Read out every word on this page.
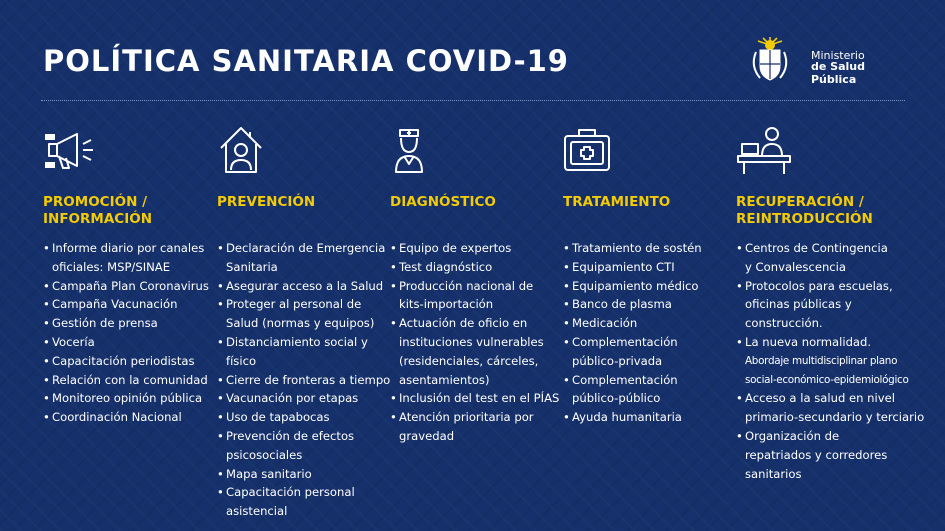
POLÍTICA SANITARIA COVID-19	Ministerio
de Salud Pública
PROMOCIÓN /
INFORMACIÓN
• Informe diario por canales
oficiales: MSP/SINAE
• Campaña Plan Coronavirus
• Campaña Vacunación
• Gestión de prensa
• Vocería
• Capacitación periodistas
• Relación con la comunidad
• Monitoreo opinión pública
• Coordinación Nacional
PREVENCIÓN
• Declaración de Emergencia
Sanitaria
• Asegurar acceso a la Salud
• Proteger al personal de
Salud (normas y equipos)
• Distanciamiento social y
físico
• Cierre de fronteras a tiempo
• Vacunación por etapas
• Uso de tapabocas
• Prevención de efectos
psicosociales
• Mapa sanitario
• Capacitación personal
asistencial
DIAGNÓSTICO
• Equipo de expertos
• Test diagnóstico
• Producción nacional de
kits-importación
• Actuación de oficio en
instituciones vulnerables
(residenciales, cárceles,
asentamientos)
• Inclusión del test en el PÍAS
• Atención prioritaria por
gravedad
TRATAMIENTO
• Tratamiento de sostén
• Equipamiento CTI
• Equipamiento médico
• Banco de plasma
• Medicación
• Complementación
público-privada
• Complementación
público-público
• Ayuda humanitaria
RECUPERACIÓN /
REINTRODUCCIÓN
• Centros de Contingencia
y Convalescencia
• Protocolos para escuelas,
oficinas públicas y
construcción.
• La nueva normalidad.
Abordaje multidisciplinar plano
social-económico-epidemiológico
• Acceso a la salud en nivel
primario-secundario y terciario
• Organización de
repatriados y corredores
sanitarios
